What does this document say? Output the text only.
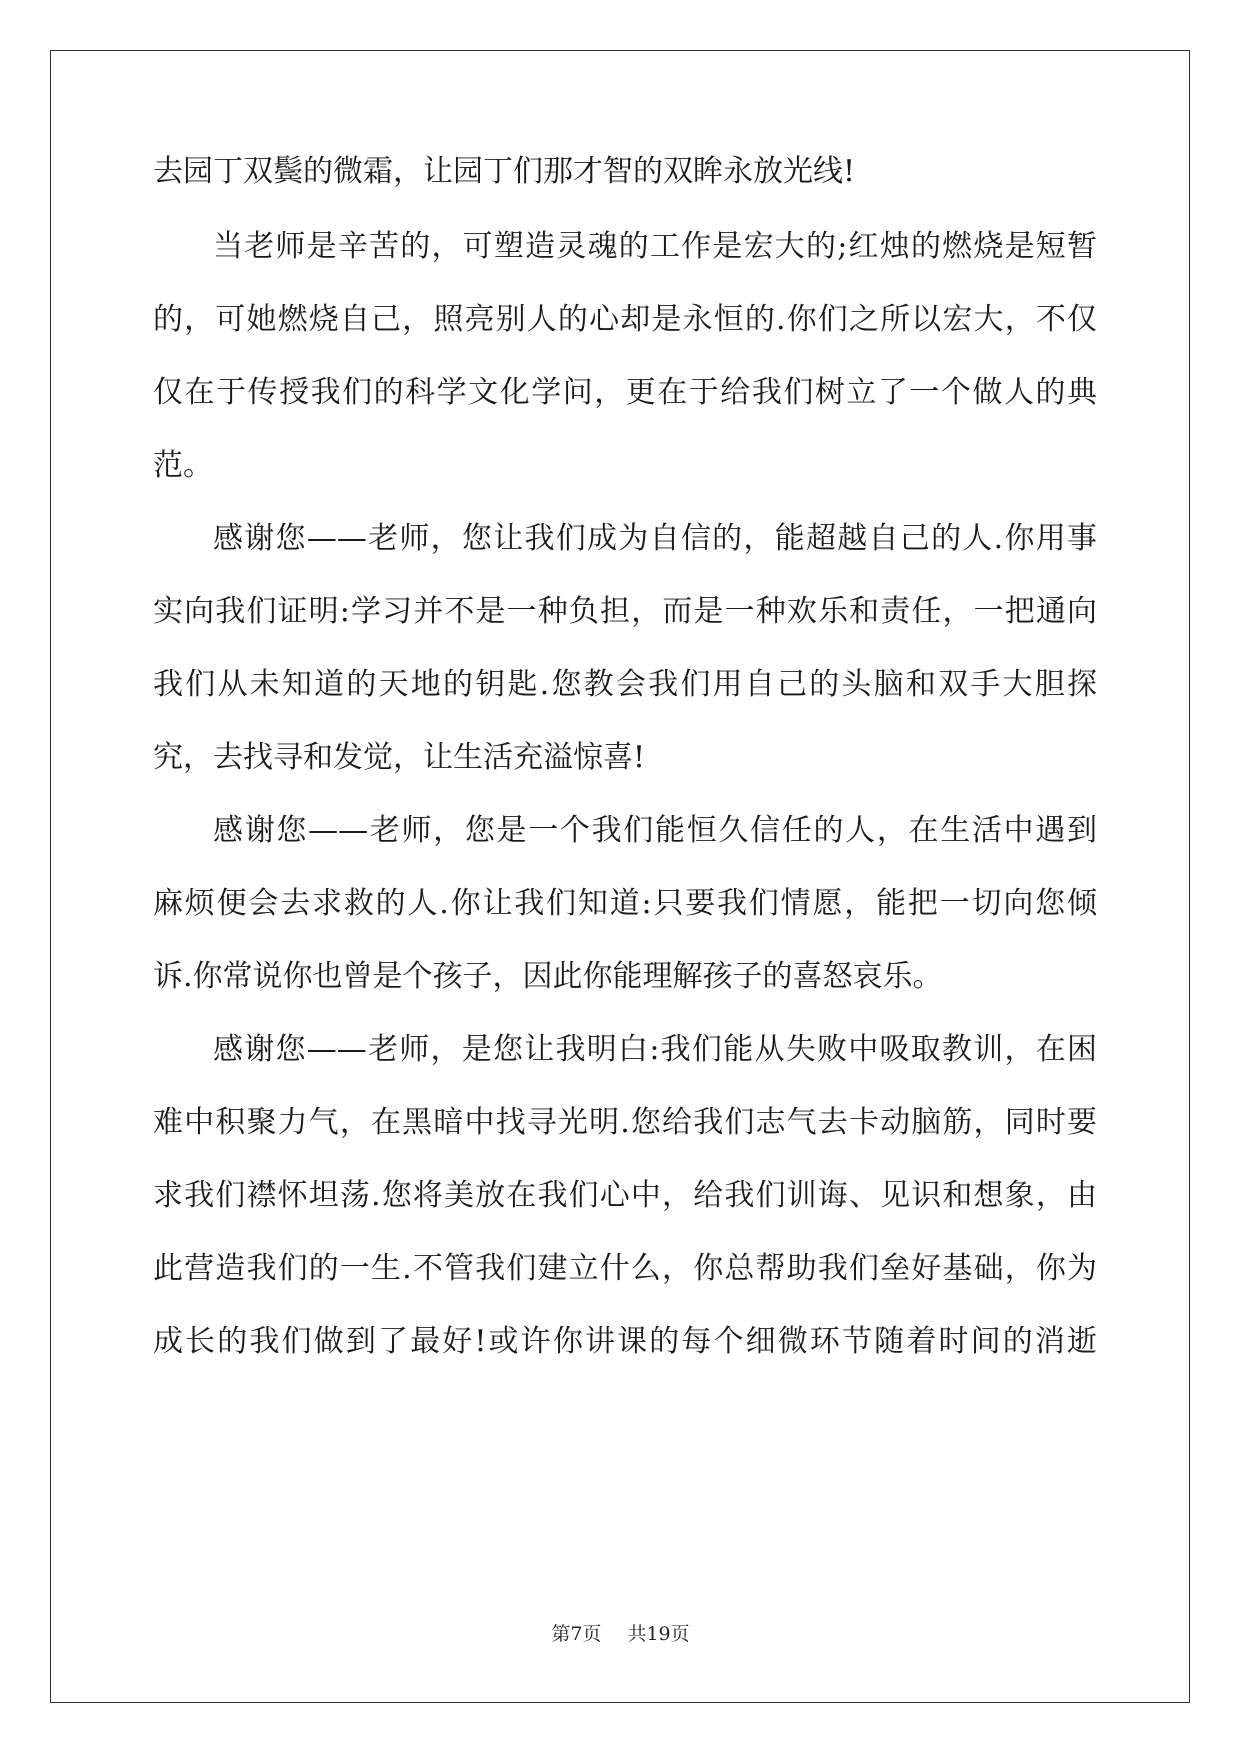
去园丁双鬓的微霜，让园丁们那才智的双眸永放光线!
当老师是辛苦的，可塑造灵魂的工作是宏大的;红烛的燃烧是短暂
的，可她燃烧自己，照亮别人的心却是永恒的.你们之所以宏大，不仅
仅在于传授我们的科学文化学问，更在于给我们树立了一个做人的典
范。
感谢您——老师，您让我们成为自信的，能超越自己的人.你用事
实向我们证明:学习并不是一种负担，而是一种欢乐和责任，一把通向
我们从未知道的天地的钥匙.您教会我们用自己的头脑和双手大胆探
究，去找寻和发觉，让生活充溢惊喜!
感谢您——老师，您是一个我们能恒久信任的人，在生活中遇到
麻烦便会去求救的人.你让我们知道:只要我们情愿，能把一切向您倾
诉.你常说你也曾是个孩子，因此你能理解孩子的喜怒哀乐。
感谢您——老师，是您让我明白:我们能从失败中吸取教训，在困
难中积聚力气，在黑暗中找寻光明.您给我们志气去卡动脑筋，同时要
求我们襟怀坦荡.您将美放在我们心中，给我们训诲、见识和想象，由
此营造我们的一生.不管我们建立什么，你总帮助我们垒好基础，你为
成长的我们做到了最好!或许你讲课的每个细微环节随着时间的消逝
第7页 共19页
